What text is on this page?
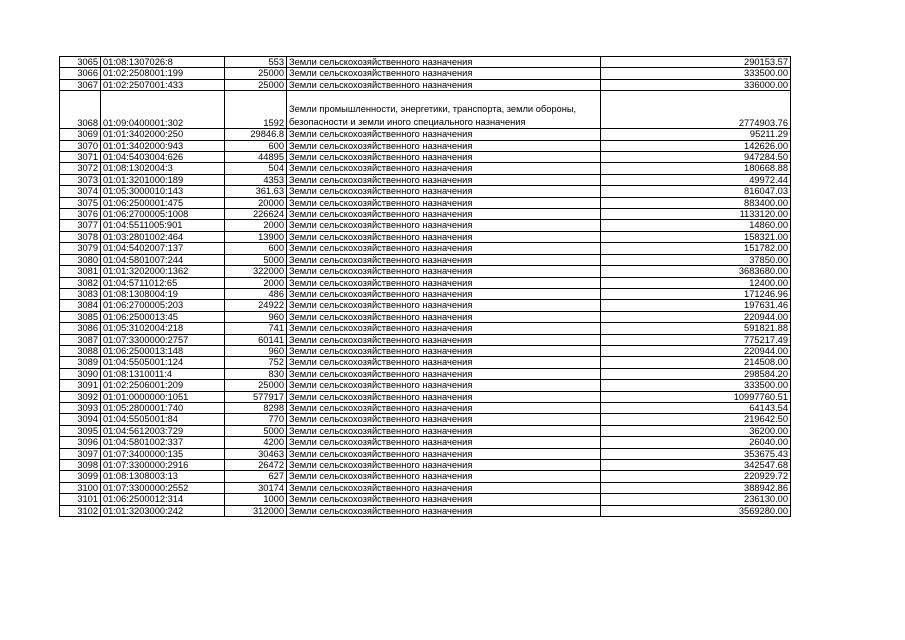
3065	01:08:1307026:8	553	Земли сельскохозяйственного назначения	290153.57
3066	01:02:2508001:199	25000	Земли сельскохозяйственного назначения	333500.00
3067	01:02:2507001:433	25000	Земли сельскохозяйственного назначения	336000.00
3068	01:09:0400001:302	1592	Земли промышленности, энергетики, транспорта, земли обороны, безопасности и земли иного специального назначения	2774903.76
3069	01:01:3402000:250	29846.8	Земли сельскохозяйственного назначения	95211.29
3070	01:01:3402000:943	600	Земли сельскохозяйственного назначения	142626.00
3071	01:04:5403004:626	44895	Земли сельскохозяйственного назначения	947284.50
3072	01:08:1302004:3	504	Земли сельскохозяйственного назначения	180668.88
3073	01:01:3201000:189	4353	Земли сельскохозяйственного назначения	49972.44
3074	01:05:3000010:143	361.63	Земли сельскохозяйственного назначения	816047.03
3075	01:06:2500001:475	20000	Земли сельскохозяйственного назначения	883400.00
3076	01:06:2700005:1008	226624	Земли сельскохозяйственного назначения	1133120.00
3077	01:04:5511005:901	2000	Земли сельскохозяйственного назначения	14860.00
3078	01:03:2801002:464	13900	Земли сельскохозяйственного назначения	158321.00
3079	01:04:5402007:137	600	Земли сельскохозяйственного назначения	151782.00
3080	01:04:5801007:244	5000	Земли сельскохозяйственного назначения	37850.00
3081	01:01:3202000:1362	322000	Земли сельскохозяйственного назначения	3683680.00
3082	01:04:5711012:65	2000	Земли сельскохозяйственного назначения	12400.00
3083	01:08:1308004:19	486	Земли сельскохозяйственного назначения	171246.96
3084	01:06:2700005:203	24922	Земли сельскохозяйственного назначения	197631.46
3085	01:06:2500013:45	960	Земли сельскохозяйственного назначения	220944.00
3086	01:05:3102004:218	741	Земли сельскохозяйственного назначения	591821.88
3087	01:07:3300000:2757	60141	Земли сельскохозяйственного назначения	775217.49
3088	01:06:2500013:148	960	Земли сельскохозяйственного назначения	220944.00
3089	01:04:5505001:124	752	Земли сельскохозяйственного назначения	214508.00
3090	01:08:1310011:4	830	Земли сельскохозяйственного назначения	298584.20
3091	01:02:2506001:209	25000	Земли сельскохозяйственного назначения	333500.00
3092	01:01:0000000:1051	577917	Земли сельскохозяйственного назначения	10997760.51
3093	01:05:2800001:740	8298	Земли сельскохозяйственного назначения	64143.54
3094	01:04:5505001:84	770	Земли сельскохозяйственного назначения	219642.50
3095	01:04:5612003:729	5000	Земли сельскохозяйственного назначения	36200.00
3096	01:04:5801002:337	4200	Земли сельскохозяйственного назначения	26040.00
3097	01:07:3400000:135	30463	Земли сельскохозяйственного назначения	353675.43
3098	01:07:3300000:2916	26472	Земли сельскохозяйственного назначения	342547.68
3099	01:08:1308003:13	627	Земли сельскохозяйственного назначения	220929.72
3100	01:07:3300000:2552	30174	Земли сельскохозяйственного назначения	388942.86
3101	01:06:2500012:314	1000	Земли сельскохозяйственного назначения	236130.00
3102	01:01:3203000:242	312000	Земли сельскохозяйственного назначения	3569280.00
